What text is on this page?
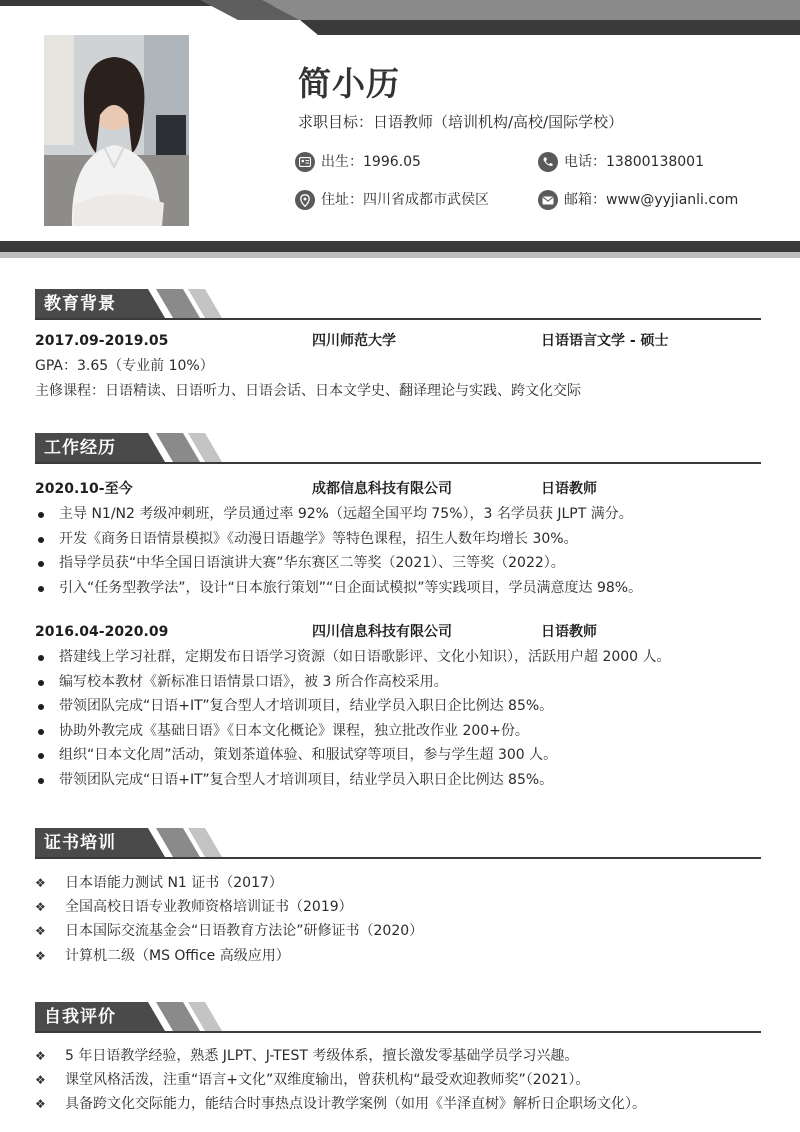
简小历
求职目标：日语教师（培训机构/高校/国际学校）
出生：1996.05	电话：13800138001
住址：四川省成都市武侯区	邮箱：www@yyjianli.com
教育背景
2017.09-2019.05	四川师范大学	日语语言文学 - 硕士
GPA：3.65（专业前 10%）
主修课程：日语精读、日语听力、日语会话、日本文学史、翻译理论与实践、跨文化交际
工作经历
2020.10-至今	成都信息科技有限公司	日语教师
主导 N1/N2 考级冲刺班，学员通过率 92%（远超全国平均 75%），3 名学员获 JLPT 满分。
开发《商务日语情景模拟》《动漫日语趣学》等特色课程，招生人数年均增长 30%。
指导学员获“中华全国日语演讲大赛”华东赛区二等奖（2021）、三等奖（2022）。
引入“任务型教学法”，设计“日本旅行策划”“日企面试模拟”等实践项目，学员满意度达 98%。
2016.04-2020.09	四川信息科技有限公司	日语教师
搭建线上学习社群，定期发布日语学习资源（如日语歌影评、文化小知识），活跃用户超 2000 人。
编写校本教材《新标准日语情景口语》，被 3 所合作高校采用。
带领团队完成“日语+IT”复合型人才培训项目，结业学员入职日企比例达 85%。
协助外教完成《基础日语》《日本文化概论》课程，独立批改作业 200+份。
组织“日本文化周”活动，策划茶道体验、和服试穿等项目，参与学生超 300 人。
带领团队完成“日语+IT”复合型人才培训项目，结业学员入职日企比例达 85%。
证书培训
❖ 日本语能力测试 N1 证书（2017）
❖ 全国高校日语专业教师资格培训证书（2019）
❖ 日本国际交流基金会“日语教育方法论”研修证书（2020）
❖ 计算机二级（MS Office 高级应用）
自我评价
❖ 5 年日语教学经验，熟悉 JLPT、J-TEST 考级体系，擅长激发零基础学员学习兴趣。
❖ 课堂风格活泼，注重“语言+文化”双维度输出，曾获机构“最受欢迎教师奖”（2021）。
❖ 具备跨文化交际能力，能结合时事热点设计教学案例（如用《半泽直树》解析日企职场文化）。
